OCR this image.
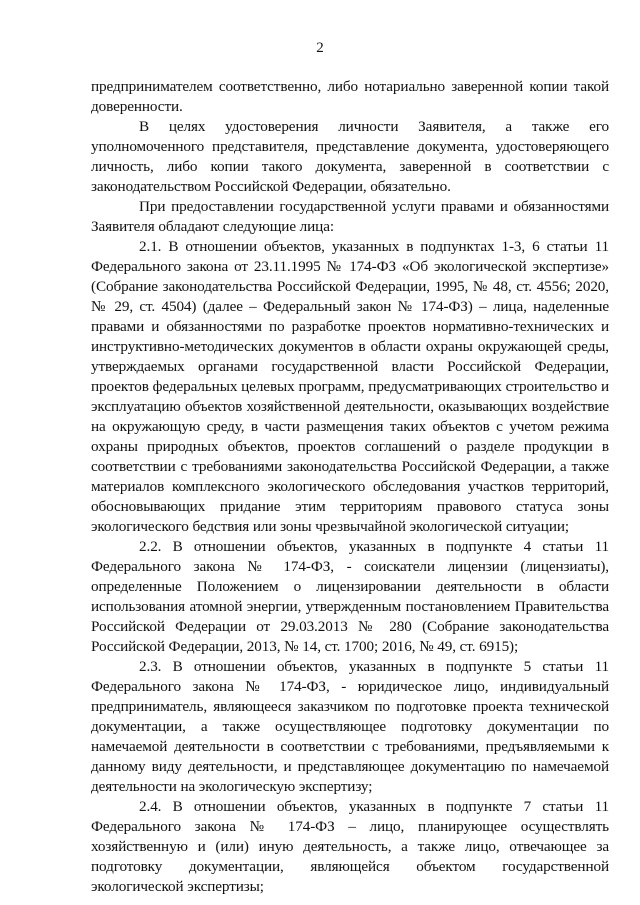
2

предпринимателем соответственно, либо нотариально заверенной копии такой доверенности.

В целях удостоверения личности Заявителя, а также его уполномоченного представителя, представление документа, удостоверяющего личность, либо копии такого документа, заверенной в соответствии с законодательством Российской Федерации, обязательно.

При предоставлении государственной услуги правами и обязанностями Заявителя обладают следующие лица:

2.1. В отношении объектов, указанных в подпунктах 1-3, 6 статьи 11 Федерального закона от 23.11.1995 № 174-ФЗ «Об экологической экспертизе» (Собрание законодательства Российской Федерации, 1995, № 48, ст. 4556; 2020, № 29, ст. 4504) (далее – Федеральный закон № 174-ФЗ) – лица, наделенные правами и обязанностями по разработке проектов нормативно-технических и инструктивно-методических документов в области охраны окружающей среды, утверждаемых органами государственной власти Российской Федерации, проектов федеральных целевых программ, предусматривающих строительство и эксплуатацию объектов хозяйственной деятельности, оказывающих воздействие на окружающую среду, в части размещения таких объектов с учетом режима охраны природных объектов, проектов соглашений о разделе продукции в соответствии с требованиями законодательства Российской Федерации, а также материалов комплексного экологического обследования участков территорий, обосновывающих придание этим территориям правового статуса зоны экологического бедствия или зоны чрезвычайной экологической ситуации;

2.2. В отношении объектов, указанных в подпункте 4 статьи 11 Федерального закона № 174-ФЗ, - соискатели лицензии (лицензиаты), определенные Положением о лицензировании деятельности в области использования атомной энергии, утвержденным постановлением Правительства Российской Федерации от 29.03.2013 № 280 (Собрание законодательства Российской Федерации, 2013, № 14, ст. 1700; 2016, № 49, ст. 6915);

2.3. В отношении объектов, указанных в подпункте 5 статьи 11 Федерального закона № 174-ФЗ, - юридическое лицо, индивидуальный предприниматель, являющееся заказчиком по подготовке проекта технической документации, а также осуществляющее подготовку документации по намечаемой деятельности в соответствии с требованиями, предъявляемыми к данному виду деятельности, и представляющее документацию по намечаемой деятельности на экологическую экспертизу;

2.4. В отношении объектов, указанных в подпункте 7 статьи 11 Федерального закона № 174-ФЗ – лицо, планирующее осуществлять хозяйственную и (или) иную деятельность, а также лицо, отвечающее за подготовку документации, являющейся объектом государственной экологической экспертизы;
